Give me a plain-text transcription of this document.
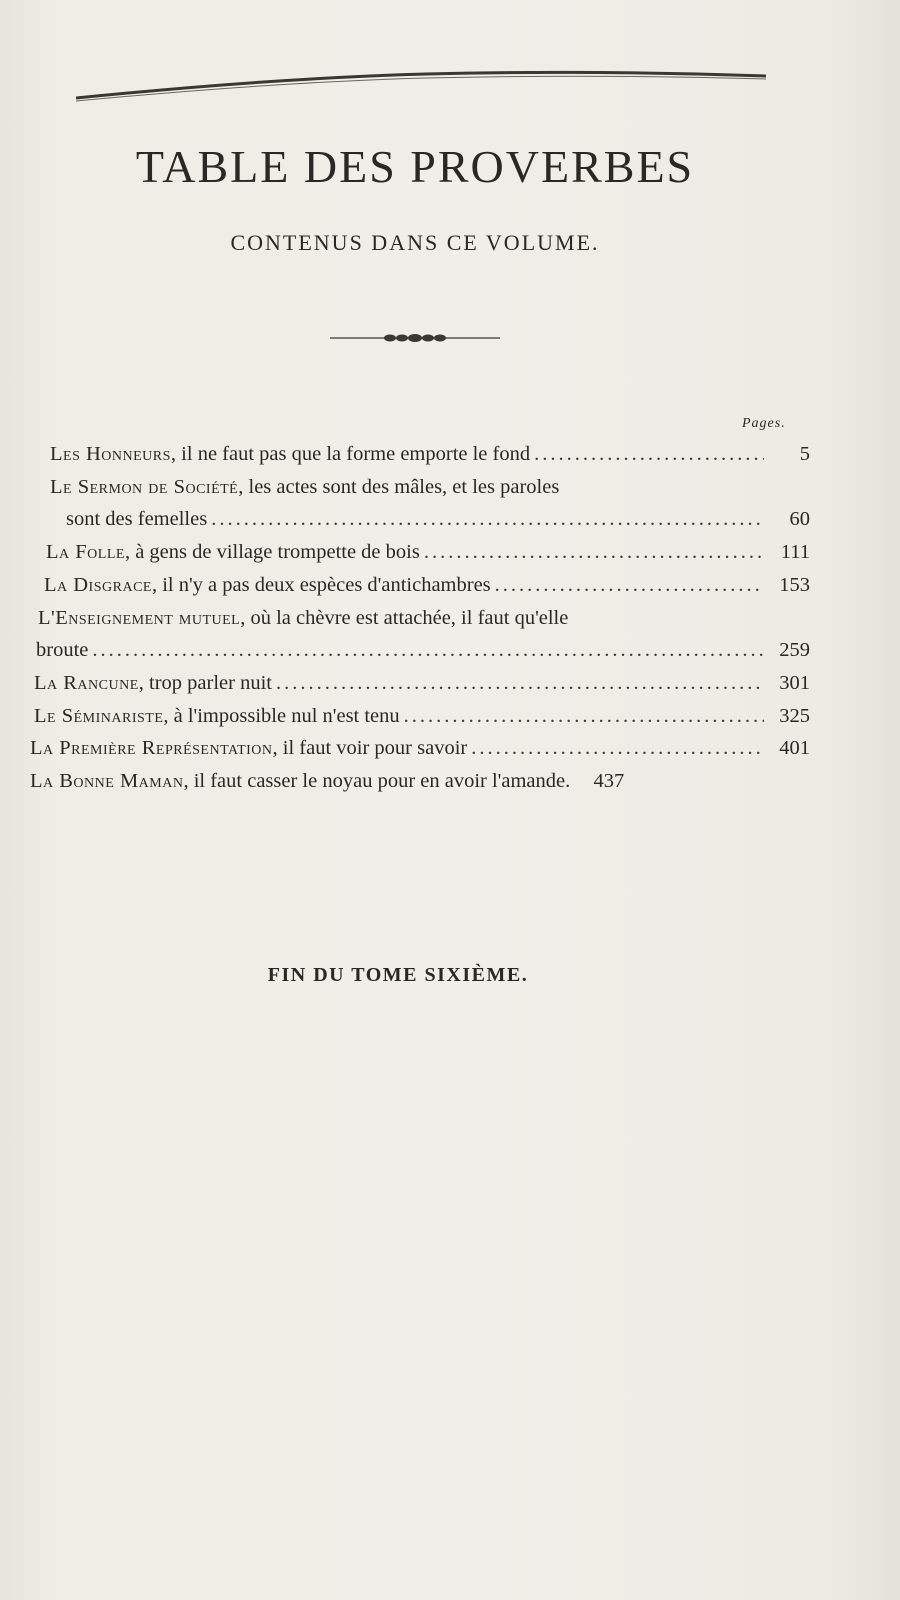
TABLE DES PROVERBES
CONTENUS DANS CE VOLUME.
Pages.
Les Honneurs, il ne faut pas que la forme emporte le fond .....	5
Le Sermon de Société, les actes sont des mâles, et les paroles
sont des femelles .....	60
La Folle, à gens de village trompette de bois .....	111
La Disgrace, il n'y a pas deux espèces d'antichambres .....	153
L'Enseignement mutuel, où la chèvre est attachée, il faut qu'elle
broute .....	259
La Rancune, trop parler nuit .....	301
Le Séminariste, à l'impossible nul n'est tenu .....	325
La Première Représentation, il faut voir pour savoir .....	401
La Bonne Maman, il faut casser le noyau pour en avoir l'amande.	437
FIN DU TOME SIXIÈME.
